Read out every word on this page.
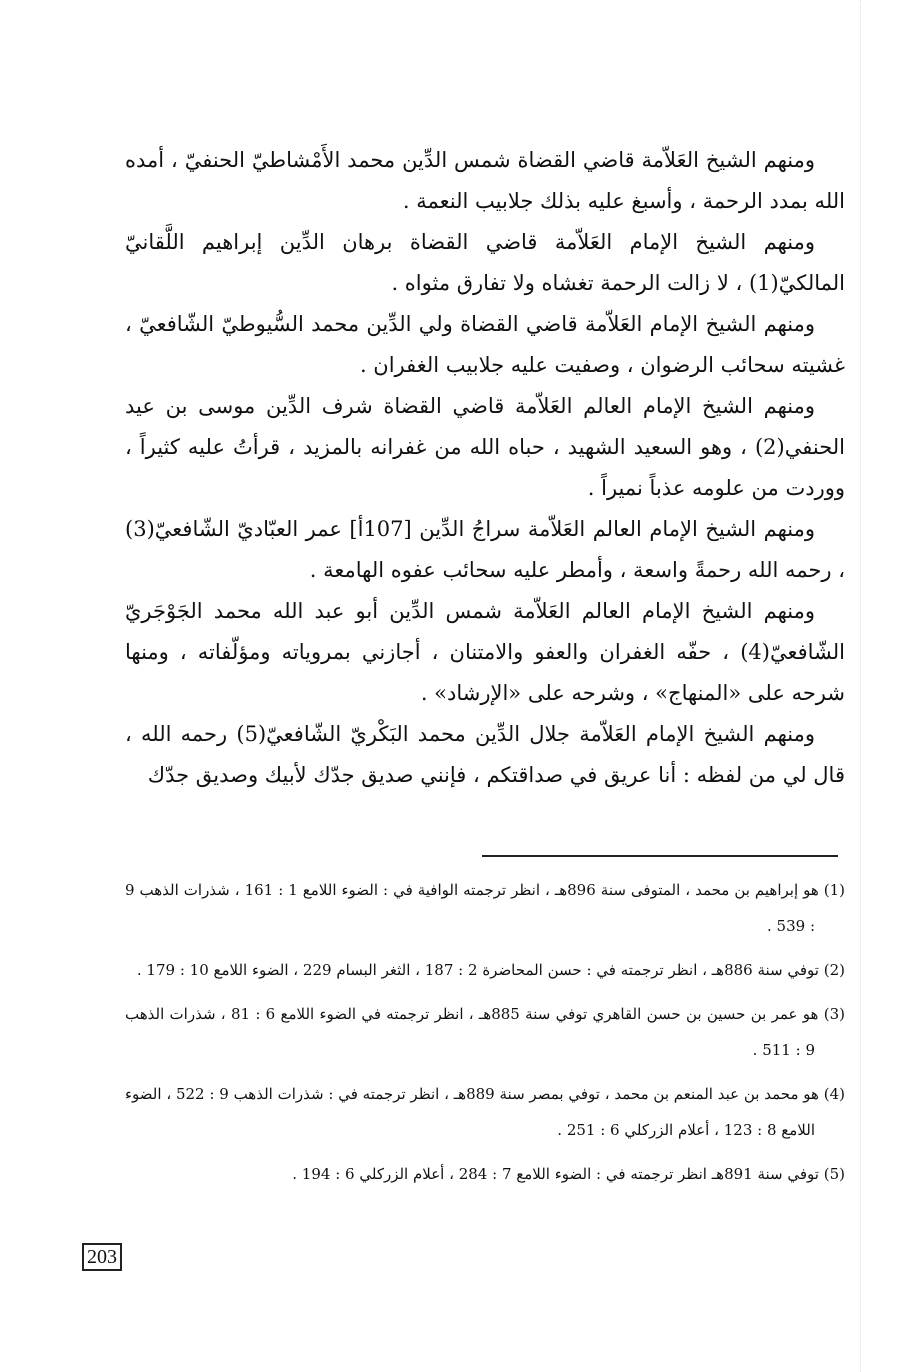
ومنهم الشيخ العَلاّمة قاضي القضاة شمس الدِّين محمد الأَمْشاطيّ الحنفيّ ، أمده الله بمدد الرحمة ، وأسبغ عليه بذلك جلابيب النعمة .

ومنهم الشيخ الإمام العَلاّمة قاضي القضاة برهان الدِّين إبراهيم اللَّقانيّ المالكيّ(1) ، لا زالت الرحمة تغشاه ولا تفارق مثواه .

ومنهم الشيخ الإمام العَلاّمة قاضي القضاة ولي الدِّين محمد السُّيوطيّ الشّافعيّ ، غشيته سحائب الرضوان ، وصفيت عليه جلابيب الغفران .

ومنهم الشيخ الإمام العالم العَلاّمة قاضي القضاة شرف الدِّين موسى بن عيد الحنفي(2) ، وهو السعيد الشهيد ، حباه الله من غفرانه بالمزيد ، قرأتُ عليه كثيراً ، ووردت من علومه عذباً نميراً .

ومنهم الشيخ الإمام العالم العَلاّمة سراجُ الدِّين [107أ] عمر العبّاديّ الشّافعيّ(3) ، رحمه الله رحمةً واسعة ، وأمطر عليه سحائب عفوه الهامعة .

ومنهم الشيخ الإمام العالم العَلاّمة شمس الدِّين أبو عبد الله محمد الجَوْجَريّ الشّافعيّ(4) ، حفّه الغفران والعفو والامتنان ، أجازني بمروياته ومؤلّفاته ، ومنها شرحه على «المنهاج» ، وشرحه على «الإرشاد» .

ومنهم الشيخ الإمام العَلاّمة جلال الدِّين محمد البَكْريّ الشّافعيّ(5) رحمه الله ، قال لي من لفظه : أنا عريق في صداقتكم ، فإنني صديق جدّك لأبيك وصديق جدّك

(1) هو إبراهيم بن محمد ، المتوفى سنة 896هـ ، انظر ترجمته الوافية في : الضوء اللامع 1 : 161 ، شذرات الذهب 9 : 539 .

(2) توفي سنة 886هـ ، انظر ترجمته في : حسن المحاضرة 2 : 187 ، الثغر البسام 229 ، الضوء اللامع 10 : 179 .

(3) هو عمر بن حسين بن حسن القاهري توفي سنة 885هـ ، انظر ترجمته في الضوء اللامع 6 : 81 ، شذرات الذهب 9 : 511 .

(4) هو محمد بن عبد المنعم بن محمد ، توفي بمصر سنة 889هـ ، انظر ترجمته في : شذرات الذهب 9 : 522 ، الضوء اللامع 8 : 123 ، أعلام الزركلي 6 : 251 .

(5) توفي سنة 891هـ انظر ترجمته في : الضوء اللامع 7 : 284 ، أعلام الزركلي 6 : 194 .

203
